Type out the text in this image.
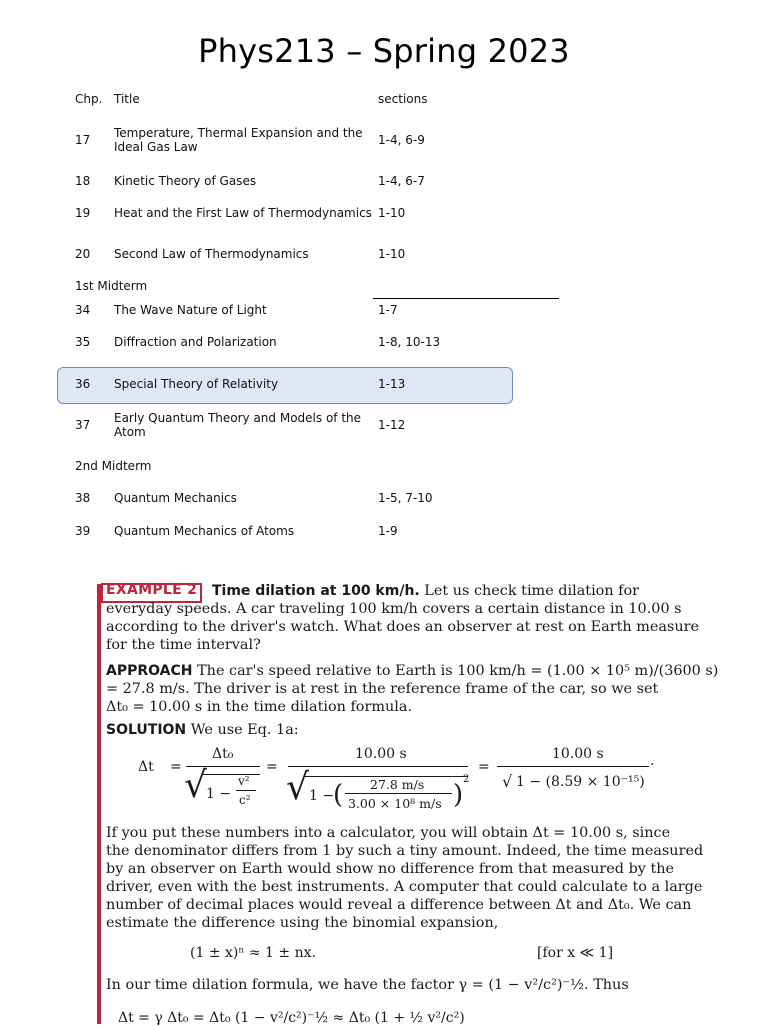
Phys213 – Spring 2023
Chp. Title	sections
17 Temperature, Thermal Expansion and the
Ideal Gas Law	1-4, 6-9
18 Kinetic Theory of Gases	1-4, 6-7
19 Heat and the First Law of Thermodynamics 1-10
20 Second Law of Thermodynamics	1-10
1st Midterm
34 The Wave Nature of Light	1-7
35 Diffraction and Polarization	1-8, 10-13
36 Special Theory of Relativity	1-13
37 Early Quantum Theory and Models of the
Atom	1-12
2nd Midterm
38 Quantum Mechanics	1-5, 7-10
39 Quantum Mechanics of Atoms	1-9
EXAMPLE 2 Time dilation at 100 km/h. Let us check time dilation for
everyday speeds. A car traveling 100 km/h covers a certain distance in 10.00 s
according to the driver's watch. What does an observer at rest on Earth measure
for the time interval?
APPROACH The car's speed relative to Earth is 100 km/h = (1.00 × 10⁵ m)/(3600 s)
= 27.8 m/s. The driver is at rest in the reference frame of the car, so we set
Δt₀ = 10.00 s in the time dilation formula.
SOLUTION We use Eq. 1a:
Δt =
Δt₀
√ 1 −
v²
c²
=
10.00 s
√ 1 −
( 27.8 m/s
3.00 × 10⁸ m/s )
2
=
10.00 s
√ 1 − (8.59 × 10⁻¹⁵)
.
If you put these numbers into a calculator, you will obtain Δt = 10.00 s, since
the denominator differs from 1 by such a tiny amount. Indeed, the time measured
by an observer on Earth would show no difference from that measured by the
driver, even with the best instruments. A computer that could calculate to a large
number of decimal places would reveal a difference between Δt and Δt₀. We can
estimate the difference using the binomial expansion,
(1 ± x)ⁿ ≈ 1 ± nx.	[for x ≪ 1]
In our time dilation formula, we have the factor γ = (1 − v²/c²)⁻½. Thus
Δt = γ Δt₀ = Δt₀ (1 − v²/c²)⁻½ ≈ Δt₀ (1 + ½ v²/c²)
